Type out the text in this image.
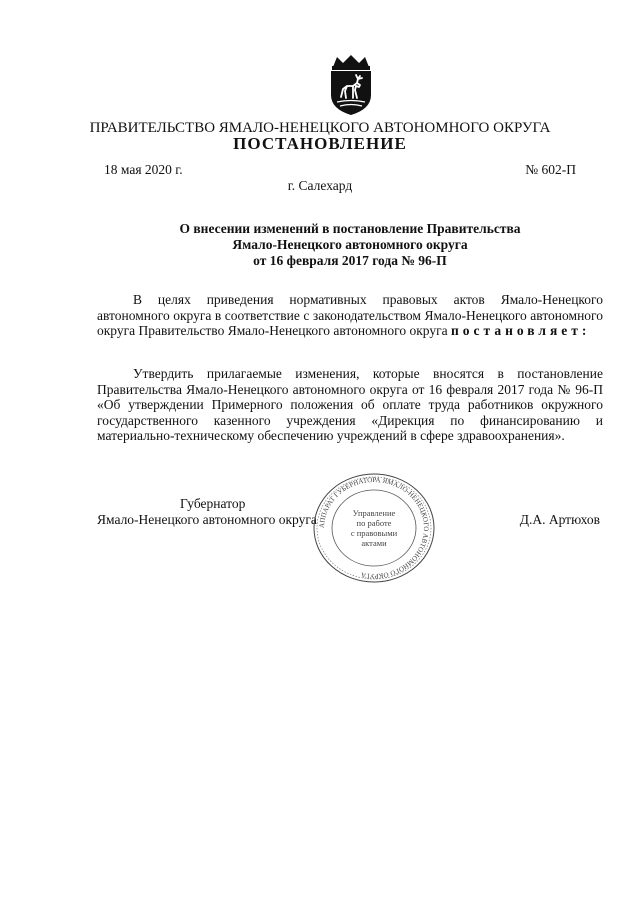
ПРАВИТЕЛЬСТВО ЯМАЛО-НЕНЕЦКОГО АВТОНОМНОГО ОКРУГА
ПОСТАНОВЛЕНИЕ
18 мая 2020 г.	№ 602-П
г. Салехард
О внесении изменений в постановление Правительства
Ямало-Ненецкого автономного округа
от 16 февраля 2017 года № 96-П

В целях приведения нормативных правовых актов Ямало-Ненецкого автономного округа в соответствие с законодательством Ямало-Ненецкого автономного округа Правительство Ямало-Ненецкого автономного округа постановляет:

Утвердить прилагаемые изменения, которые вносятся в постановление Правительства Ямало-Ненецкого автономного округа от 16 февраля 2017 года № 96-П «Об утверждении Примерного положения об оплате труда работников окружного государственного казенного учреждения «Дирекция по финансированию и материально-техническому обеспечению учреждений в сфере здравоохранения».

Губернатор
Ямало-Ненецкого автономного округа	Д.А. Артюхов
АППАРАТ ГУБЕРНАТОРА ЯМАЛО-НЕНЕЦКОГО АВТОНОМНОГО ОКРУГА
Управление
по работе
с правовыми
актами
